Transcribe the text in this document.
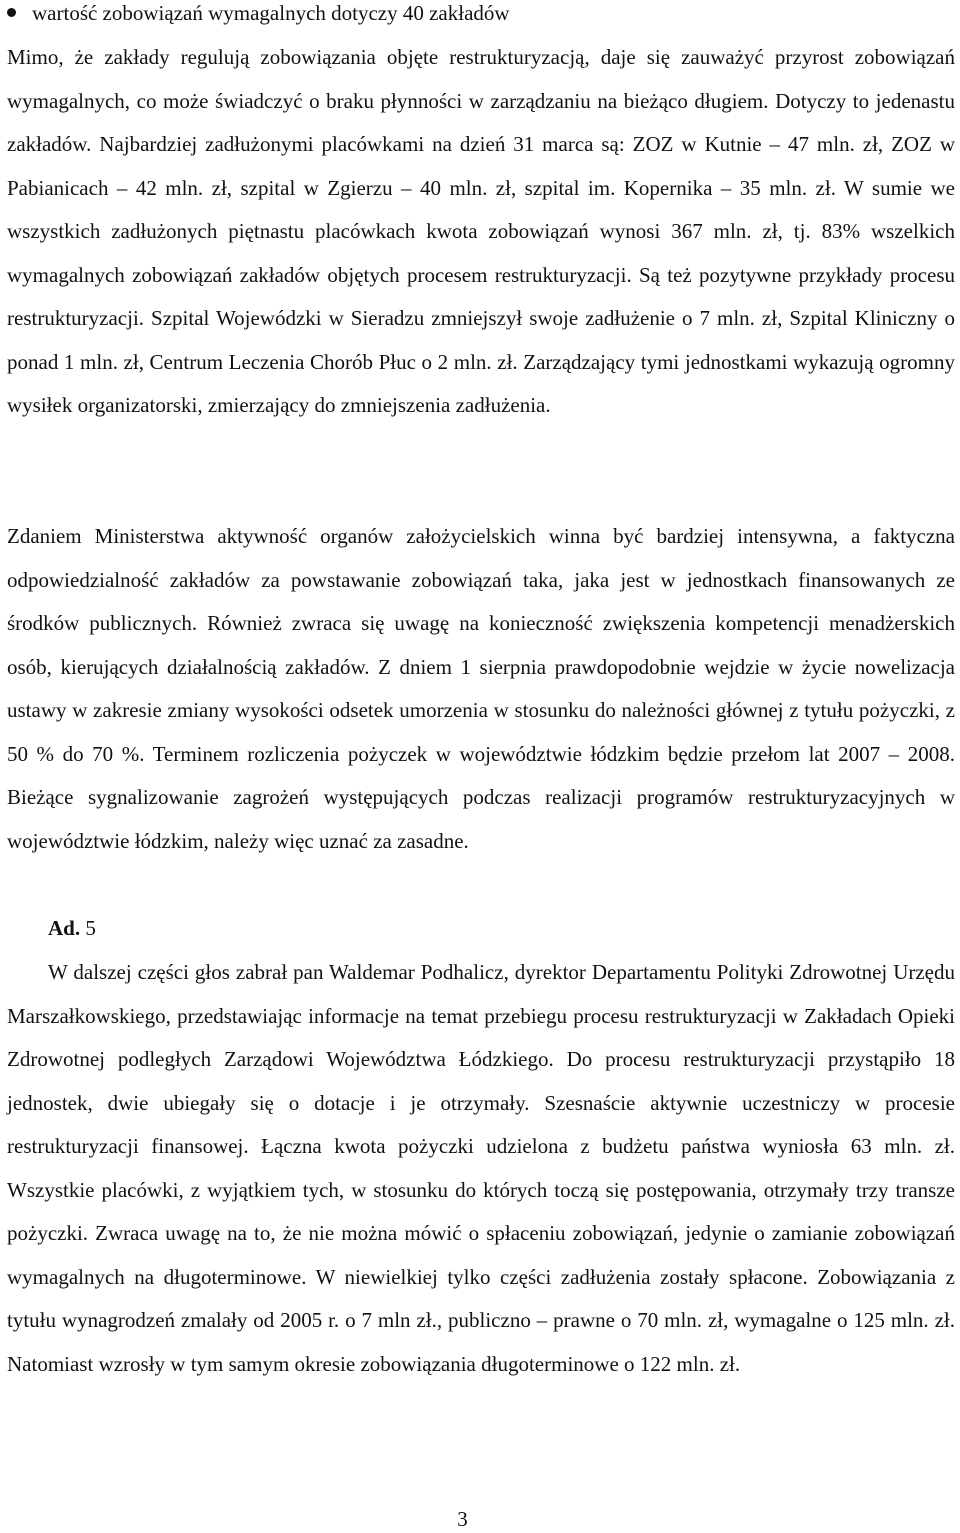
wartość zobowiązań wymagalnych dotyczy 40 zakładów

Mimo, że zakłady regulują zobowiązania objęte restrukturyzacją, daje się zauważyć przyrost zobowiązań wymagalnych, co może świadczyć o braku płynności w zarządzaniu na bieżąco długiem. Dotyczy to jedenastu zakładów. Najbardziej zadłużonymi placówkami na dzień 31 marca są: ZOZ w Kutnie – 47 mln. zł, ZOZ w Pabianicach – 42 mln. zł, szpital w Zgierzu – 40 mln. zł, szpital im. Kopernika – 35 mln. zł. W sumie we wszystkich zadłużonych piętnastu placówkach kwota zobowiązań wynosi 367 mln. zł, tj. 83% wszelkich wymagalnych zobowiązań zakładów objętych procesem restrukturyzacji. Są też pozytywne przykłady procesu restrukturyzacji. Szpital Wojewódzki w Sieradzu zmniejszył swoje zadłużenie o 7 mln. zł, Szpital Kliniczny o ponad 1 mln. zł, Centrum Leczenia Chorób Płuc o 2 mln. zł. Zarządzający tymi jednostkami wykazują ogromny wysiłek organizatorski, zmierzający do zmniejszenia zadłużenia.

Zdaniem Ministerstwa aktywność organów założycielskich winna być bardziej intensywna, a faktyczna odpowiedzialność zakładów za powstawanie zobowiązań taka, jaka jest w jednostkach finansowanych ze środków publicznych. Również zwraca się uwagę na konieczność zwiększenia kompetencji menadżerskich osób, kierujących działalnością zakładów. Z dniem 1 sierpnia prawdopodobnie wejdzie w życie nowelizacja ustawy w zakresie zmiany wysokości odsetek umorzenia w stosunku do należności głównej z tytułu pożyczki, z 50 % do 70 %. Terminem rozliczenia pożyczek w województwie łódzkim będzie przełom lat 2007 – 2008. Bieżące sygnalizowanie zagrożeń występujących podczas realizacji programów restrukturyzacyjnych w województwie łódzkim, należy więc uznać za zasadne.

Ad. 5

W dalszej części głos zabrał pan Waldemar Podhalicz, dyrektor Departamentu Polityki Zdrowotnej Urzędu Marszałkowskiego, przedstawiając informacje na temat przebiegu procesu restrukturyzacji w Zakładach Opieki Zdrowotnej podległych Zarządowi Województwa Łódzkiego. Do procesu restrukturyzacji przystąpiło 18 jednostek, dwie ubiegały się o dotacje i je otrzymały. Szesnaście aktywnie uczestniczy w procesie restrukturyzacji finansowej. Łączna kwota pożyczki udzielona z budżetu państwa wyniosła 63 mln. zł. Wszystkie placówki, z wyjątkiem tych, w stosunku do których toczą się postępowania, otrzymały trzy transze pożyczki. Zwraca uwagę na to, że nie można mówić o spłaceniu zobowiązań, jedynie o zamianie zobowiązań wymagalnych na długoterminowe. W niewielkiej tylko części zadłużenia zostały spłacone. Zobowiązania z tytułu wynagrodzeń zmalały od 2005 r. o 7 mln zł., publiczno – prawne o 70 mln. zł, wymagalne o 125 mln. zł. Natomiast wzrosły w tym samym okresie zobowiązania długoterminowe o 122 mln. zł.

3
